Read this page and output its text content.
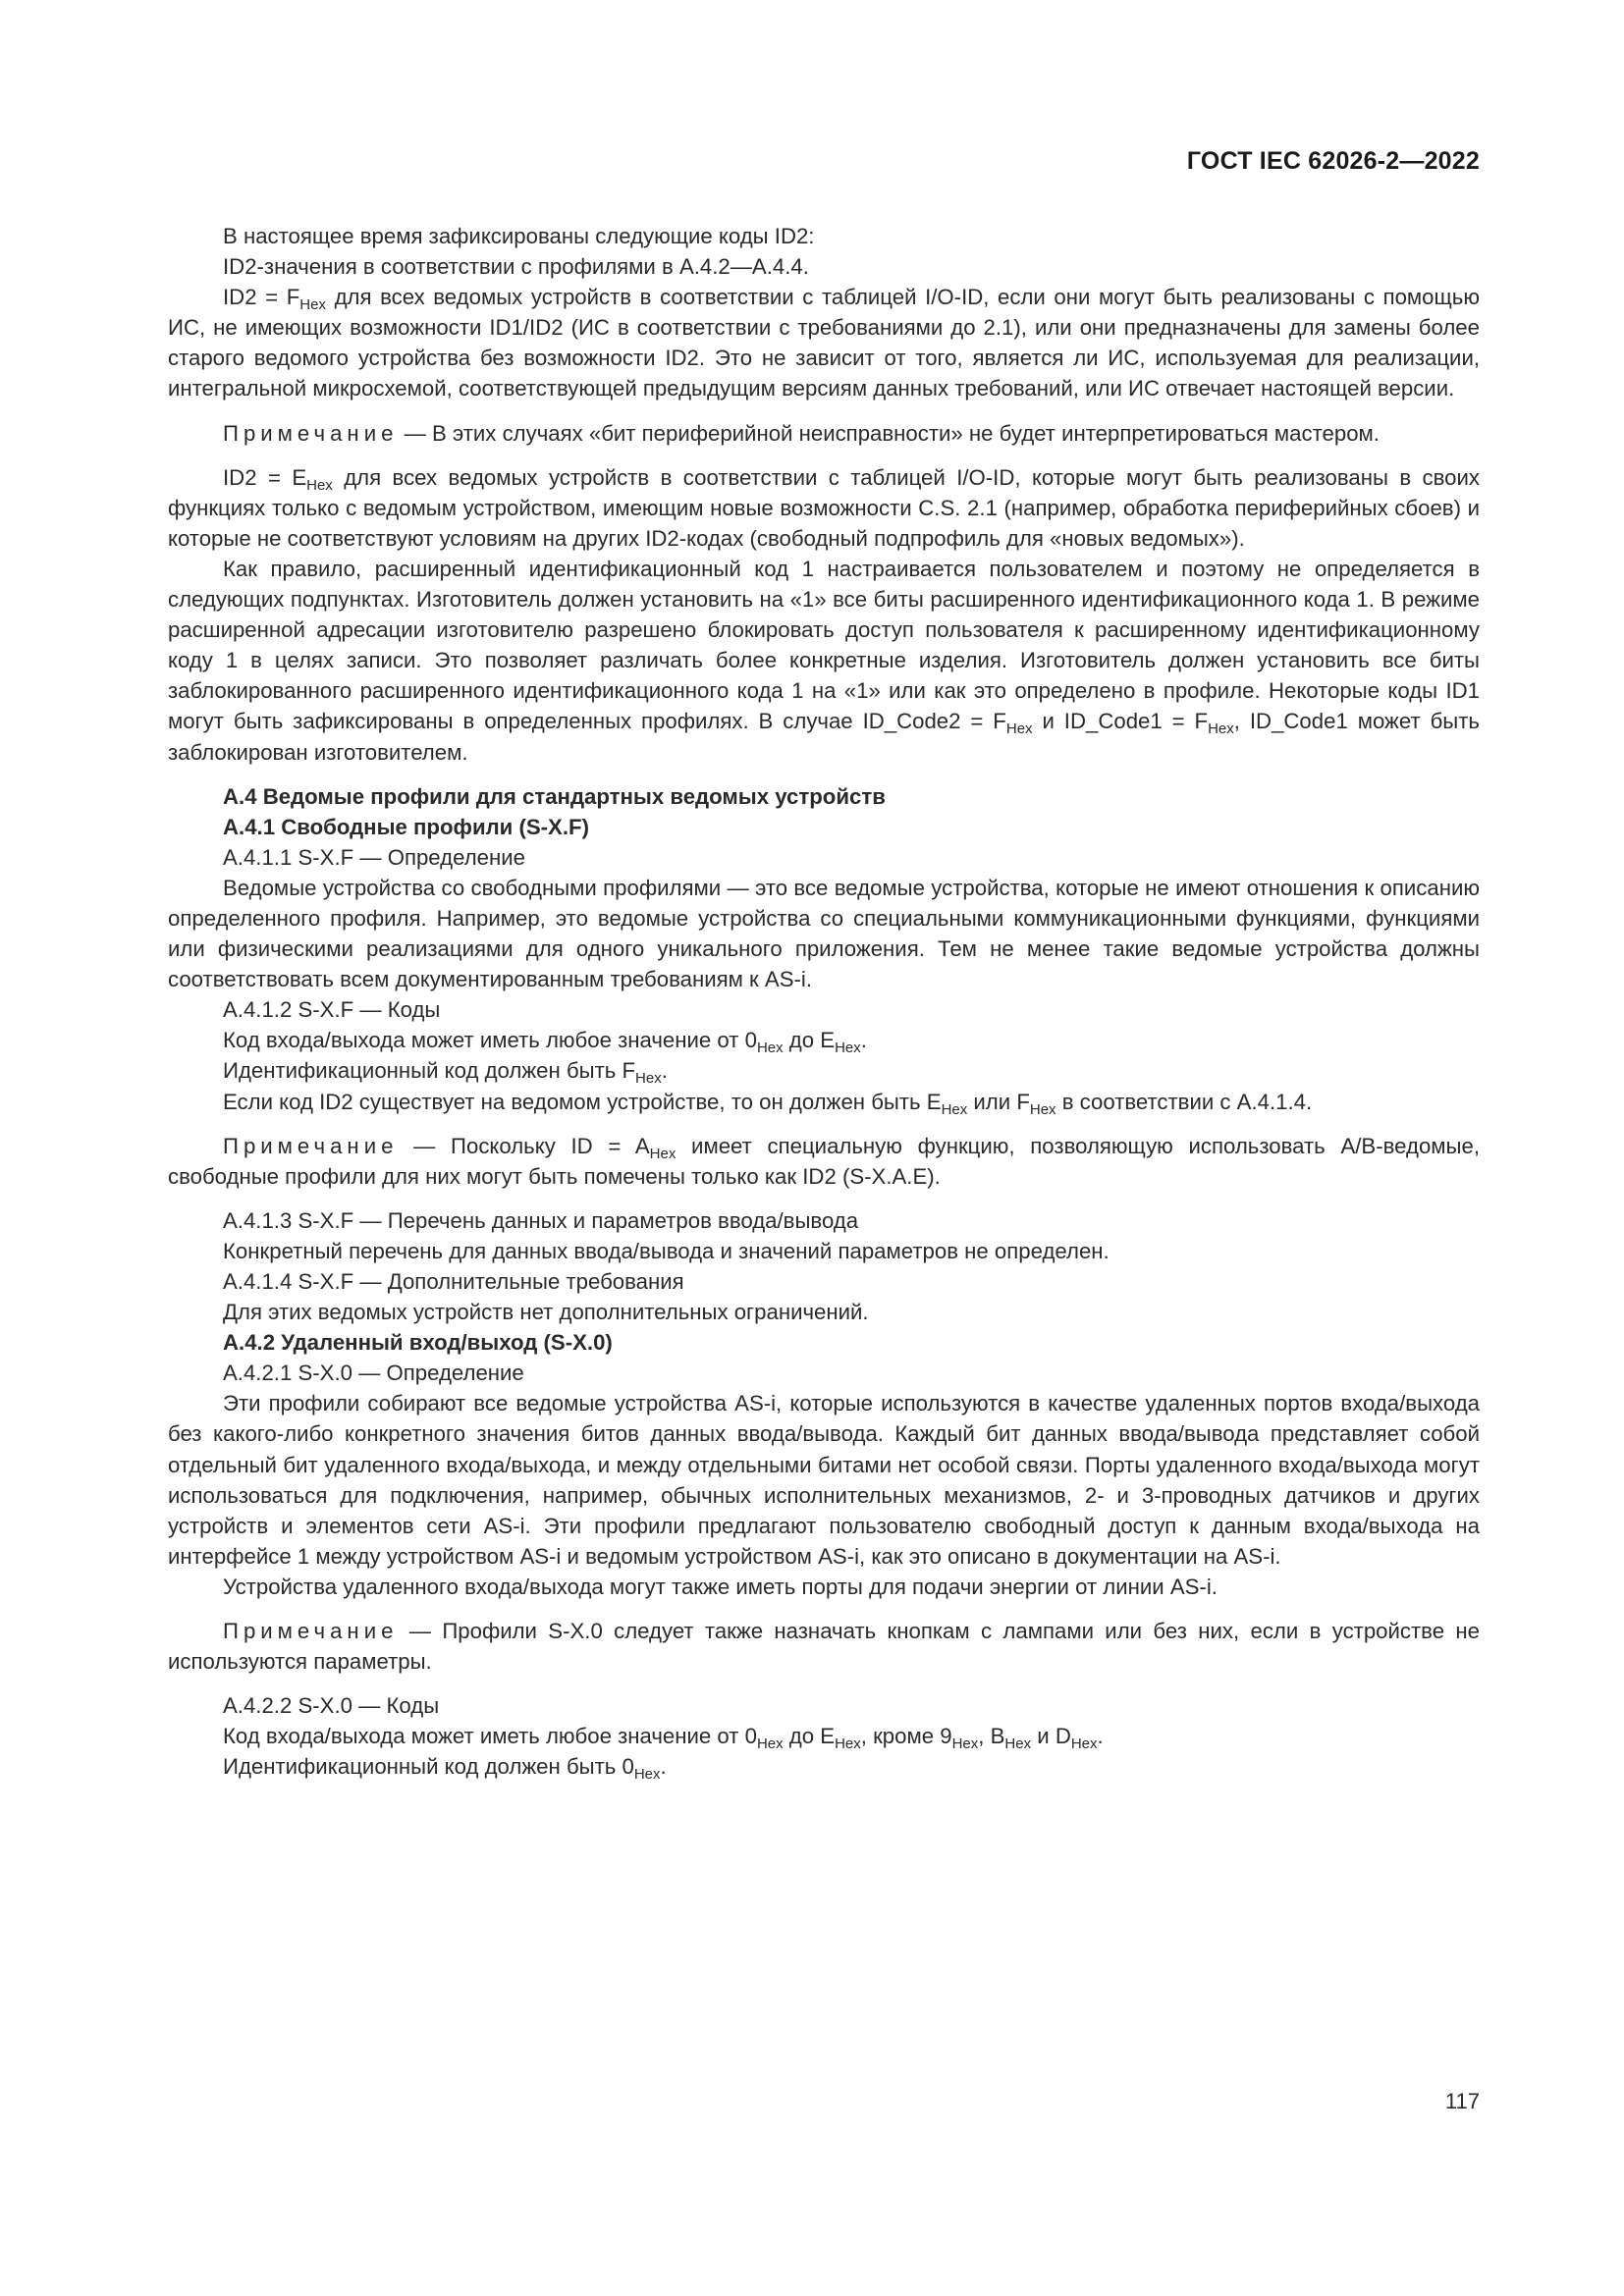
ГОСТ IEC 62026-2—2022

В настоящее время зафиксированы следующие коды ID2:

ID2-значения в соответствии с профилями в А.4.2—А.4.4.

$ID2 = F_{Hex}$ для всех ведомых устройств в соответствии с таблицей I/O-ID, если они могут быть реализованы с помощью ИС, не имеющих возможности ID1/ID2 (ИС в соответствии с требованиями до 2.1), или они предназначены для замены более старого ведомого устройства без возможности ID2. Это не зависит от того, является ли ИС, используемая для реализации, интегральной микросхемой, соответствующей предыдущим версиям данных требований, или ИС отвечает настоящей версии.

Примечание — В этих случаях «бит периферийной неисправности» не будет интерпретироваться мастером.

$ID2 = E_{Hex}$ для всех ведомых устройств в соответствии с таблицей I/O-ID, которые могут быть реализованы в своих функциях только с ведомым устройством, имеющим новые возможности C.S. 2.1 (например, обработка периферийных сбоев) и которые не соответствуют условиям на других ID2-кодах (свободный подпрофиль для «новых ведомых»).

Как правило, расширенный идентификационный код 1 настраивается пользователем и поэтому не определяется в следующих подпунктах. Изготовитель должен установить на «1» все биты расширенного идентификационного кода 1. В режиме расширенной адресации изготовителю разрешено блокировать доступ пользователя к расширенному идентификационному коду 1 в целях записи. Это позволяет различать более конкретные изделия. Изготовитель должен установить все биты заблокированного расширенного идентификационного кода 1 на «1» или как это определено в профиле. Некоторые коды ID1 могут быть зафиксированы в определенных профилях. В случае ID_Code2 = $F_{Hex}$ и ID_Code1 = $F_{Hex}$, ID_Code1 может быть заблокирован изготовителем.

А.4 Ведомые профили для стандартных ведомых устройств

А.4.1 Свободные профили (S-X.F)

А.4.1.1 S-X.F — Определение

Ведомые устройства со свободными профилями — это все ведомые устройства, которые не имеют отношения к описанию определенного профиля. Например, это ведомые устройства со специальными коммуникационными функциями, функциями или физическими реализациями для одного уникального приложения. Тем не менее такие ведомые устройства должны соответствовать всем документированным требованиям к AS-i.

А.4.1.2 S-X.F — Коды

Код входа/выхода может иметь любое значение от $0_{Hex}$ до $E_{Hex}$.

Идентификационный код должен быть $F_{Hex}$.

Если код ID2 существует на ведомом устройстве, то он должен быть $E_{Hex}$ или $F_{Hex}$ в соответствии с А.4.1.4.

Примечание — Поскольку ID = $A_{Hex}$ имеет специальную функцию, позволяющую использовать A/B-ведомые, свободные профили для них могут быть помечены только как ID2 (S-X.A.E).

А.4.1.3 S-X.F — Перечень данных и параметров ввода/вывода

Конкретный перечень для данных ввода/вывода и значений параметров не определен.

А.4.1.4 S-X.F — Дополнительные требования

Для этих ведомых устройств нет дополнительных ограничений.

А.4.2 Удаленный вход/выход (S-X.0)

А.4.2.1 S-X.0 — Определение

Эти профили собирают все ведомые устройства AS-i, которые используются в качестве удаленных портов входа/выхода без какого-либо конкретного значения битов данных ввода/вывода. Каждый бит данных ввода/вывода представляет собой отдельный бит удаленного входа/выхода, и между отдельными битами нет особой связи. Порты удаленного входа/выхода могут использоваться для подключения, например, обычных исполнительных механизмов, 2- и 3-проводных датчиков и других устройств и элементов сети AS-i. Эти профили предлагают пользователю свободный доступ к данным входа/выхода на интерфейсе 1 между устройством AS-i и ведомым устройством AS-i, как это описано в документации на AS-i.

Устройства удаленного входа/выхода могут также иметь порты для подачи энергии от линии AS-i.

Примечание — Профили S-X.0 следует также назначать кнопкам с лампами или без них, если в устройстве не используются параметры.

А.4.2.2 S-X.0 — Коды

Код входа/выхода может иметь любое значение от $0_{Hex}$ до $E_{Hex}$, кроме $9_{Hex}$, $B_{Hex}$ и $D_{Hex}$.

Идентификационный код должен быть $0_{Hex}$.

117
